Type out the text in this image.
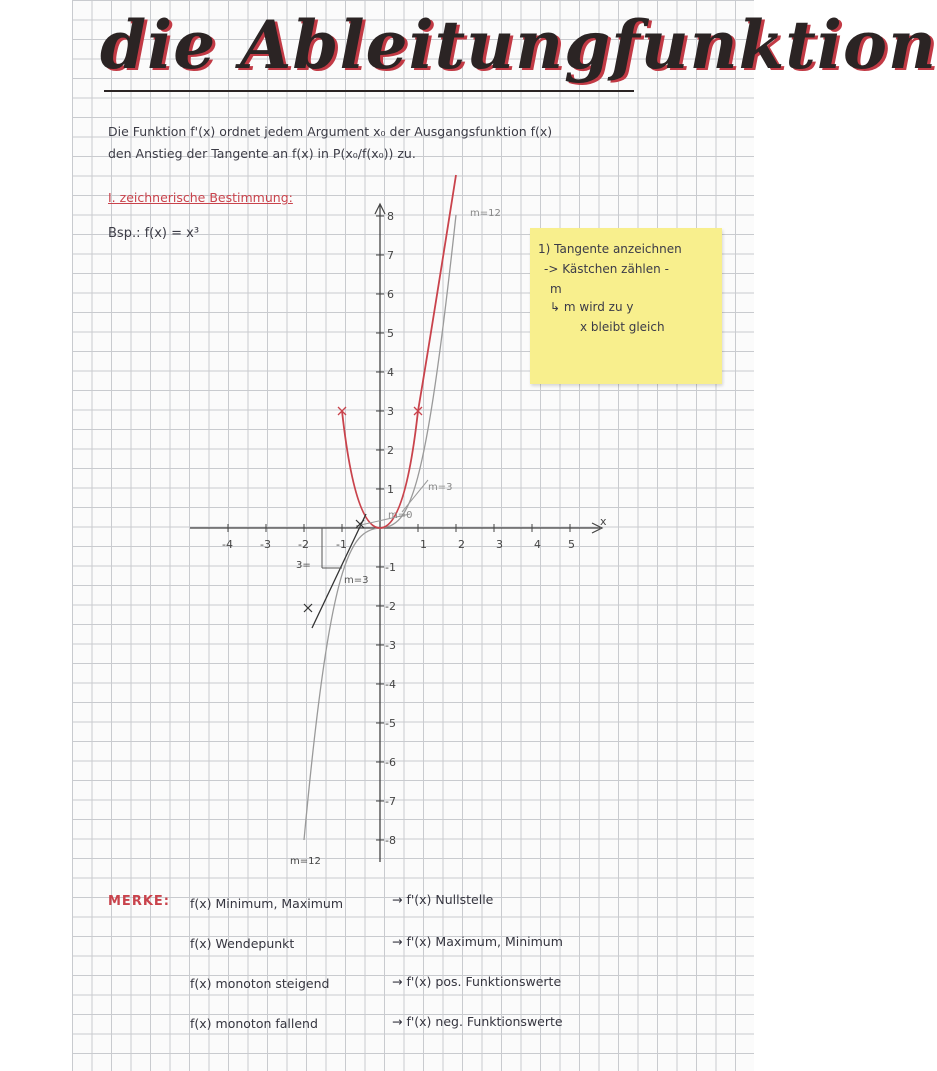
die Ableitungfunktion
Die Funktion f'(x) ordnet jedem Argument x₀ der Ausgangsfunktion f(x)
den Anstieg der Tangente an f(x) in P(x₀/f(x₀)) zu.
I. zeichnerische Bestimmung:
Bsp.: f(x) = x³
1) Tangente anzeichnen
-> Kästchen zählen -
m
↳ m wird zu y
x bleibt gleich
x
-4 -3 -2 -1	1	2	3	4 5
8
7
6
5
4
3
2
1
-1
-2
-3
-4
-5
-6
-7
-8
m=12
m=3
m=0
m=3
3=
m=12
MERKE: f(x) Minimum, Maximum	→ f'(x) Nullstelle
f(x) Wendepunkt	→ f'(x) Maximum, Minimum
f(x) monoton steigend	→ f'(x) pos. Funktionswerte
f(x) monoton fallend	→ f'(x) neg. Funktionswerte
